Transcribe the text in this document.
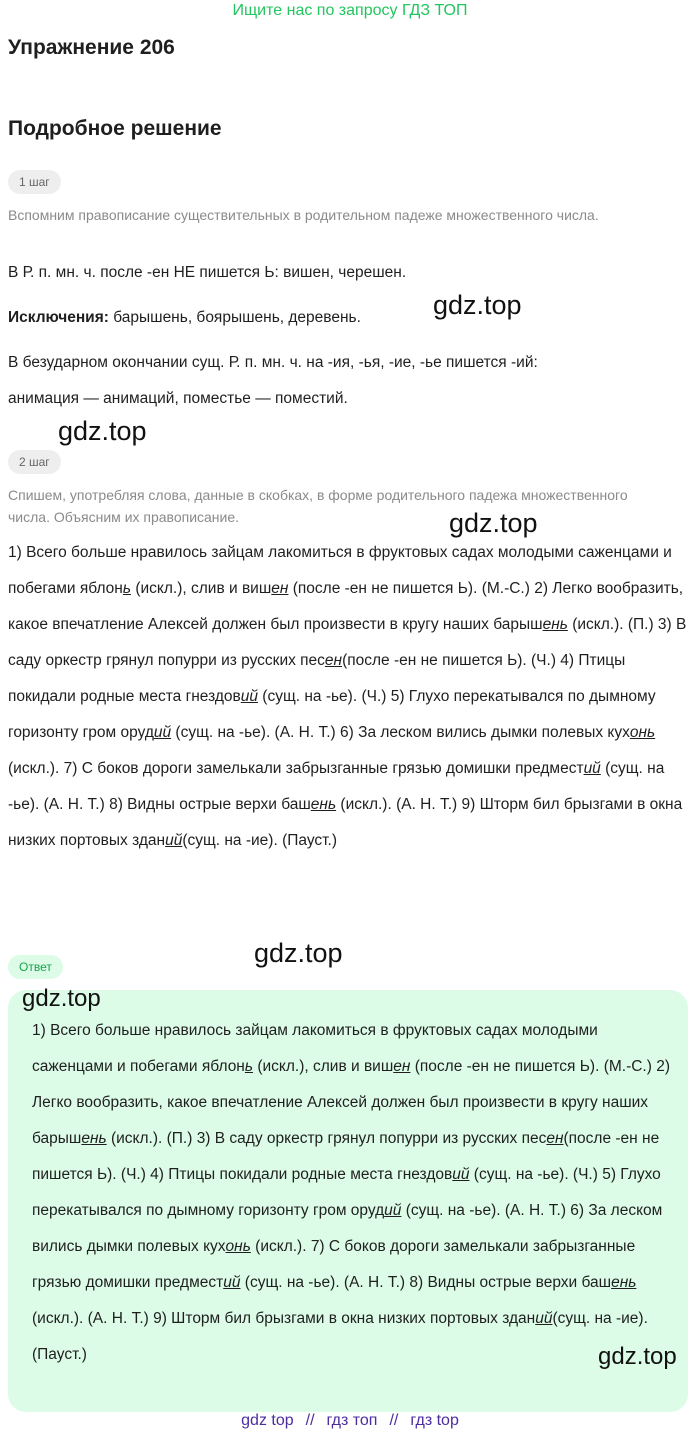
Ищите нас по запросу ГДЗ ТОП
Упражнение 206
Подробное решение
1 шаг

Вспомним правописание существительных в родительном падеже множественного числа.

В Р. п. мн. ч. после -ен НЕ пишется Ь: вишен, черешен.

Исключения: барышень, боярышень, деревень.

В безударном окончании сущ. Р. п. мн. ч. на -ия, -ья, -ие, -ье пишется -ий:

анимация — анимаций, поместье — поместий.

2 шаг

Спишем, употребляя слова, данные в скобках, в форме родительного падежа множественного числа. Объясним их правописание.

1) Всего больше нравилось зайцам лакомиться в фруктовых садах молодыми саженцами и побегами яблонь (искл.), слив и вишен (после -ен не пишется Ь). (М.-С.) 2) Легко вообразить, какое впечатление Алексей должен был произвести в кругу наших барышень (искл.). (П.) 3) В саду оркестр грянул попурри из русских песен(после -ен не пишется Ь). (Ч.) 4) Птицы покидали родные места гнездовий (сущ. на -ье). (Ч.) 5) Глухо перекатывался по дымному горизонту гром орудий (сущ. на -ье). (А. Н. Т.) 6) За леском вились дымки полевых кухонь (искл.). 7) С боков дороги замелькали забрызганные грязью домишки предместий (сущ. на -ье). (А. Н. Т.) 8) Видны острые верхи башень (искл.). (А. Н. Т.) 9) Шторм бил брызгами в окна низких портовых зданий(сущ. на -ие). (Пауст.)

Ответ

1) Всего больше нравилось зайцам лакомиться в фруктовых садах молодыми саженцами и побегами яблонь (искл.), слив и вишен (после -ен не пишется Ь). (М.-С.) 2) Легко вообразить, какое впечатление Алексей должен был произвести в кругу наших барышень (искл.). (П.) 3) В саду оркестр грянул попурри из русских песен(после -ен не пишется Ь). (Ч.) 4) Птицы покидали родные места гнездовий (сущ. на -ье). (Ч.) 5) Глухо перекатывался по дымному горизонту гром орудий (сущ. на -ье). (А. Н. Т.) 6) За леском вились дымки полевых кухонь (искл.). 7) С боков дороги замелькали забрызганные грязью домишки предместий (сущ. на -ье). (А. Н. Т.) 8) Видны острые верхи башень (искл.). (А. Н. Т.) 9) Шторм бил брызгами в окна низких портовых зданий(сущ. на -ие). (Пауст.)

gdz.top
gdz.top
gdz.top
gdz.top
gdz.top
gdz.top
gdz top // гдз топ // гдз top
